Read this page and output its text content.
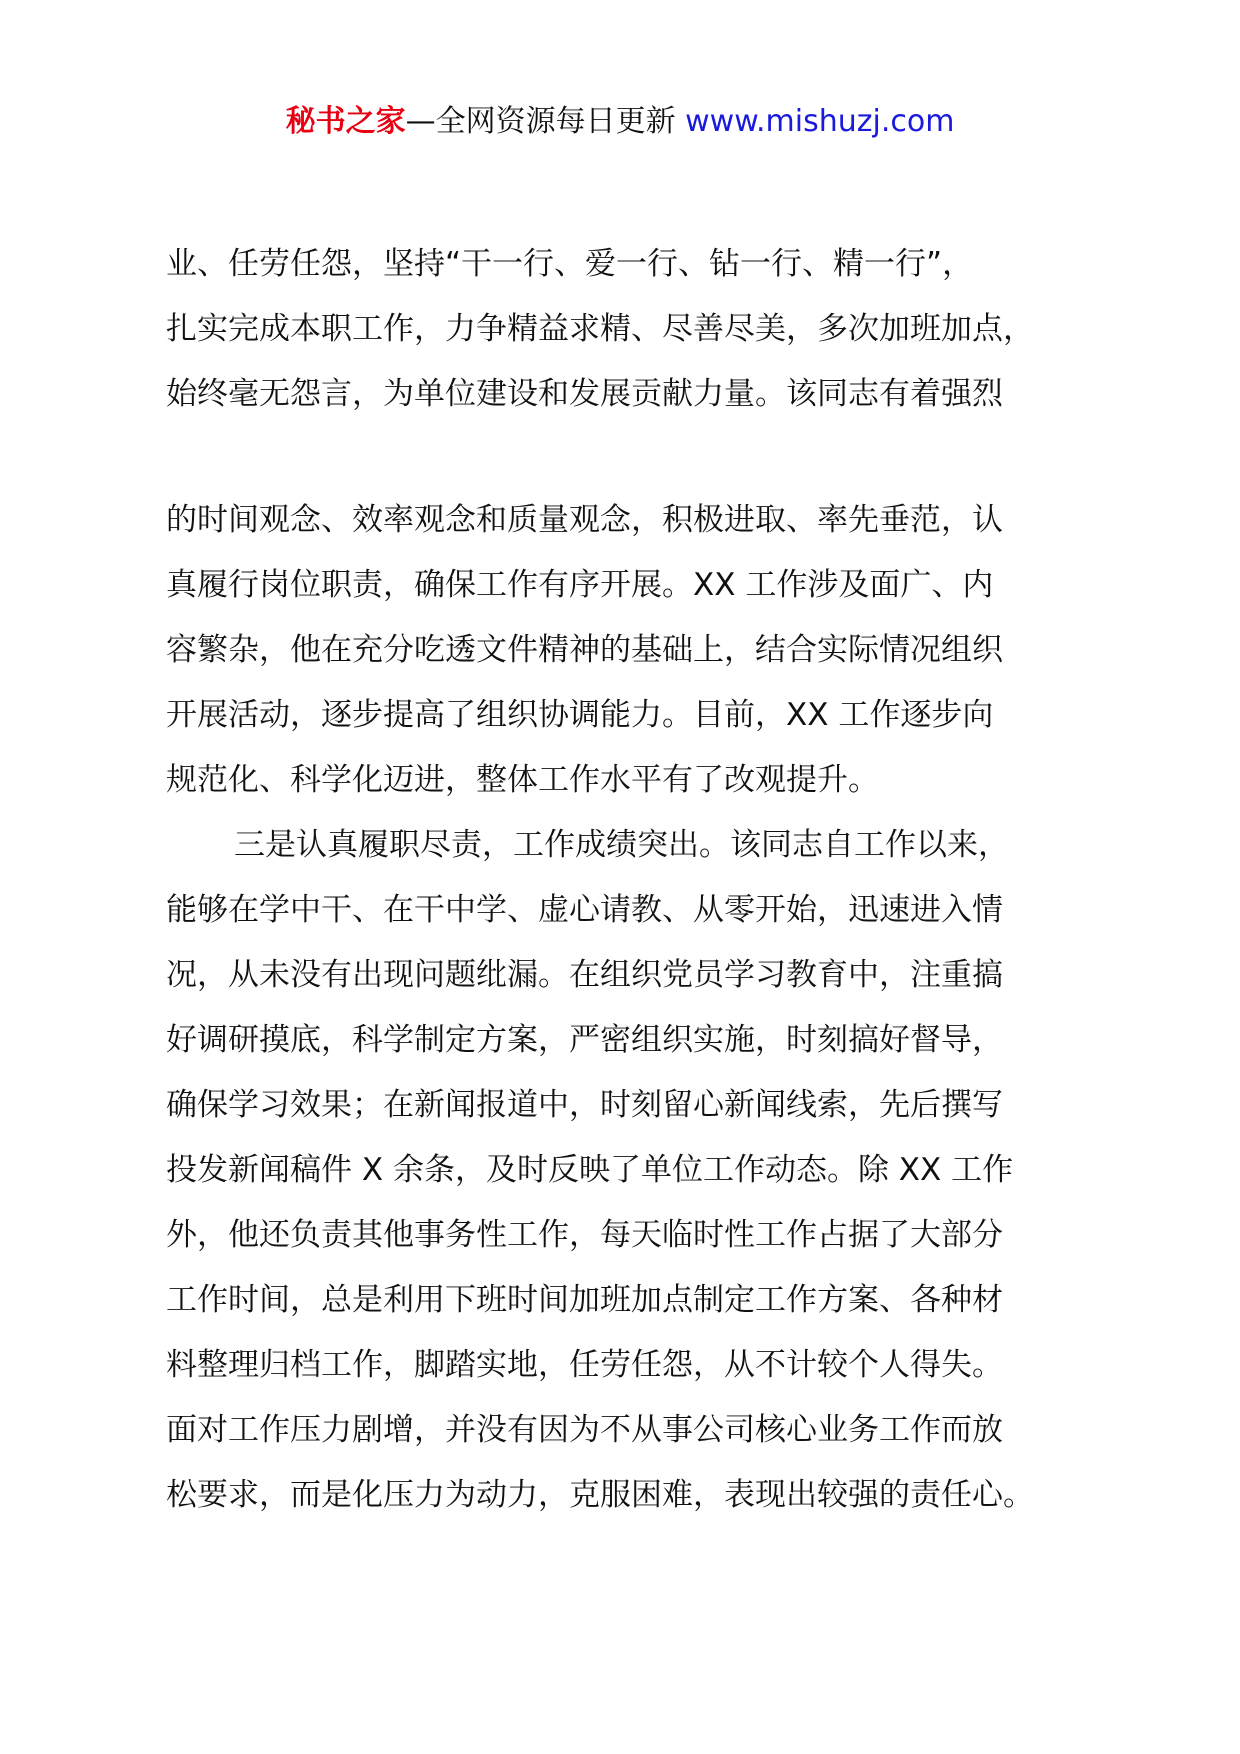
秘书之家—全网资源每日更新 www.mishuzj.com
业、任劳任怨，坚持“干一行、爱一行、钻一行、精一行”，
扎实完成本职工作，力争精益求精、尽善尽美，多次加班加点，
始终毫无怨言，为单位建设和发展贡献力量。该同志有着强烈
的时间观念、效率观念和质量观念，积极进取、率先垂范，认
真履行岗位职责，确保工作有序开展。XX 工作涉及面广、内
容繁杂，他在充分吃透文件精神的基础上，结合实际情况组织
开展活动，逐步提高了组织协调能力。目前，XX 工作逐步向
规范化、科学化迈进，整体工作水平有了改观提升。
三是认真履职尽责，工作成绩突出。该同志自工作以来，
能够在学中干、在干中学、虚心请教、从零开始，迅速进入情
况，从未没有出现问题纰漏。在组织党员学习教育中，注重搞
好调研摸底，科学制定方案，严密组织实施，时刻搞好督导，
确保学习效果；在新闻报道中，时刻留心新闻线索，先后撰写
投发新闻稿件 X 余条，及时反映了单位工作动态。除 XX 工作
外，他还负责其他事务性工作，每天临时性工作占据了大部分
工作时间，总是利用下班时间加班加点制定工作方案、各种材
料整理归档工作，脚踏实地，任劳任怨，从不计较个人得失。
面对工作压力剧增，并没有因为不从事公司核心业务工作而放
松要求，而是化压力为动力，克服困难，表现出较强的责任心。
